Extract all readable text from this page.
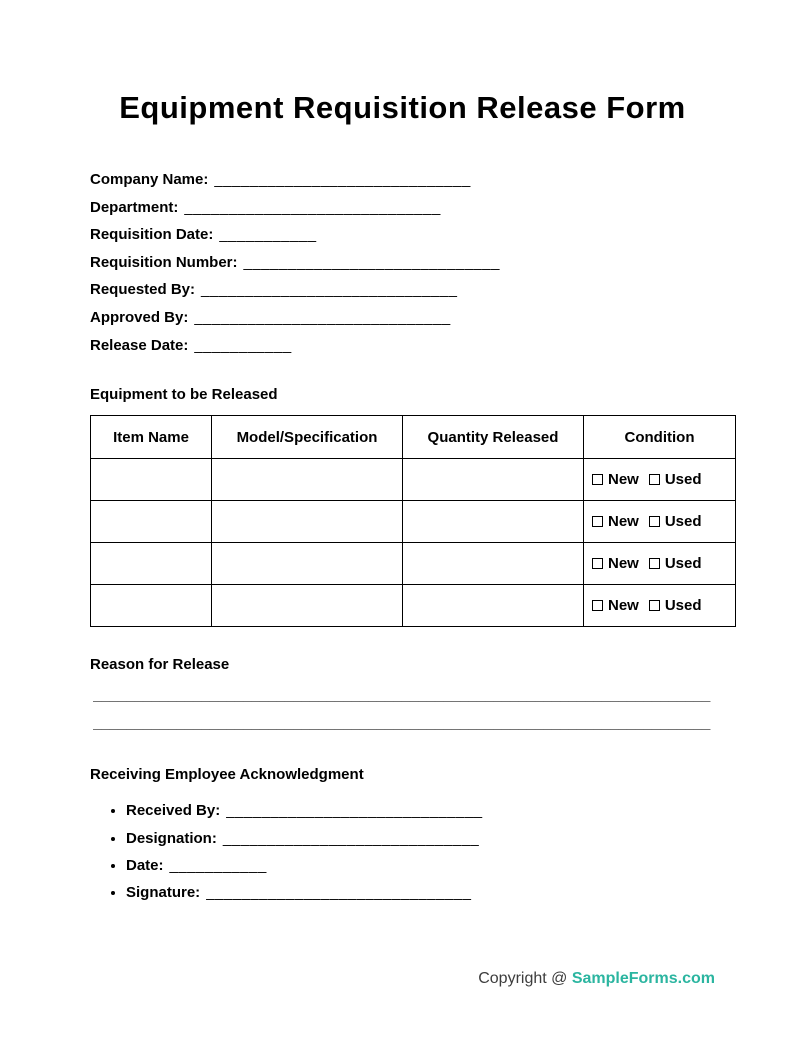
Equipment Requisition Release Form
Company Name: _____________________________
Department: _____________________________
Requisition Date: ___________
Requisition Number: _____________________________
Requested By: _____________________________
Approved By: _____________________________
Release Date: ___________
Equipment to be Released
Item Name	Model/Specification	Quantity Released	Condition
			New Used
			New Used
			New Used
			New Used
Reason for Release
__________________________________________________________________________
__________________________________________________________________________
Receiving Employee Acknowledgment
• Received By: _____________________________
• Designation: _____________________________
• Date: ___________
• Signature: ______________________________
Copyright @ SampleForms.com
